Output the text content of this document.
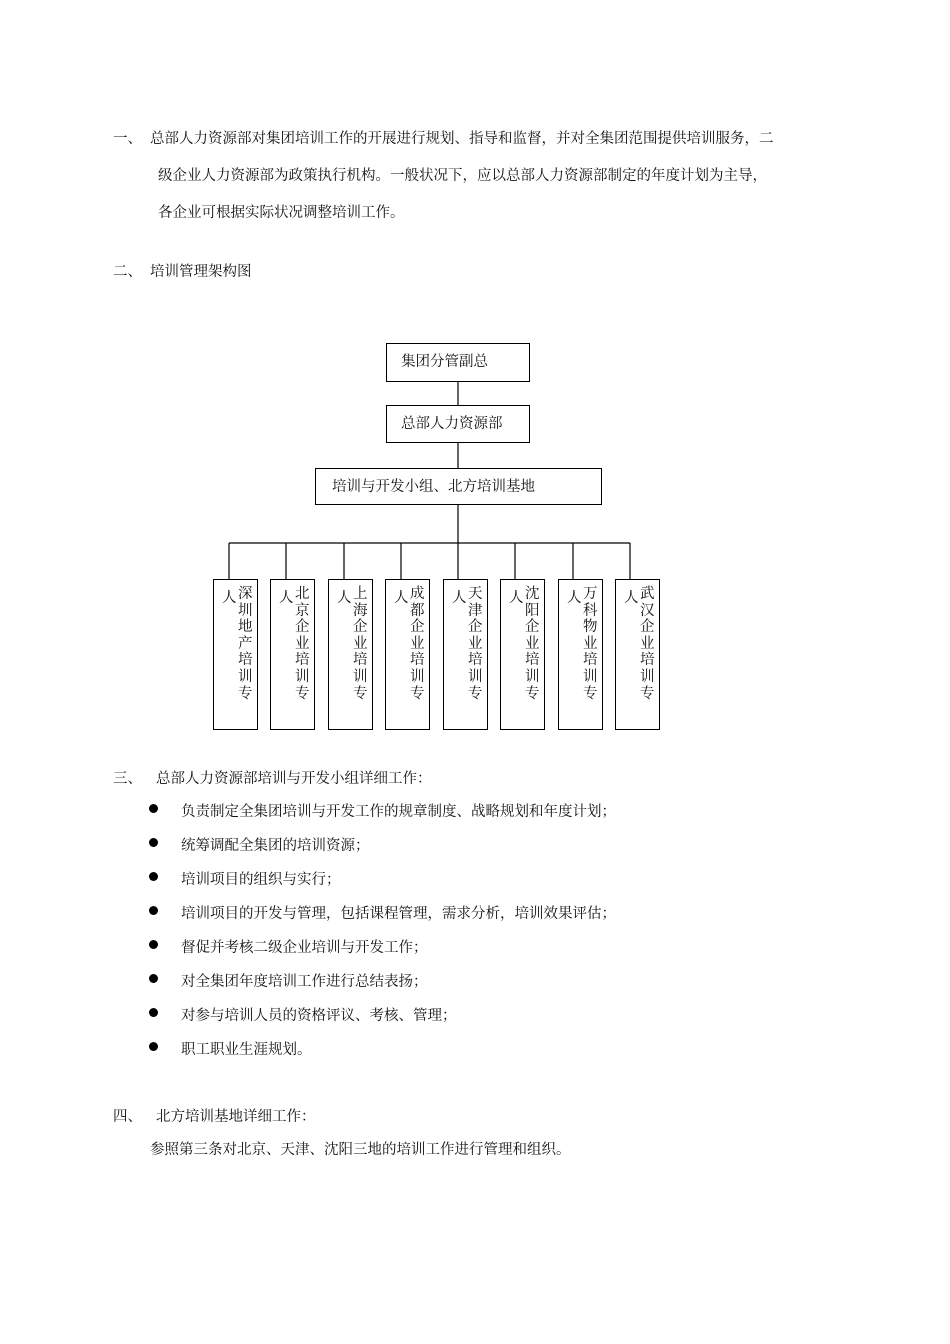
一、 总部人力资源部对集团培训工作的开展进行规划、指导和监督，并对全集团范围提供培训服务，二
级企业人力资源部为政策执行机构。一般状况下，应以总部人力资源部制定的年度计划为主导，
各企业可根据实际状况调整培训工作。
二、 培训管理架构图
集团分管副总
总部人力资源部
培训与开发小组、北方培训基地
人 深圳地产培训专
人 北京企业培训专
人 上海企业培训专
人 成都企业培训专
人 天津企业培训专
人 沈阳企业培训专
人 万科物业培训专
人 武汉企业培训专
三、 总部人力资源部培训与开发小组详细工作：
负责制定全集团培训与开发工作的规章制度、战略规划和年度计划；
统筹调配全集团的培训资源；
培训项目的组织与实行；
培训项目的开发与管理，包括课程管理，需求分析，培训效果评估；
督促并考核二级企业培训与开发工作；
对全集团年度培训工作进行总结表扬；
对参与培训人员的资格评议、考核、管理；
职工职业生涯规划。
四、 北方培训基地详细工作：
参照第三条对北京、天津、沈阳三地的培训工作进行管理和组织。
